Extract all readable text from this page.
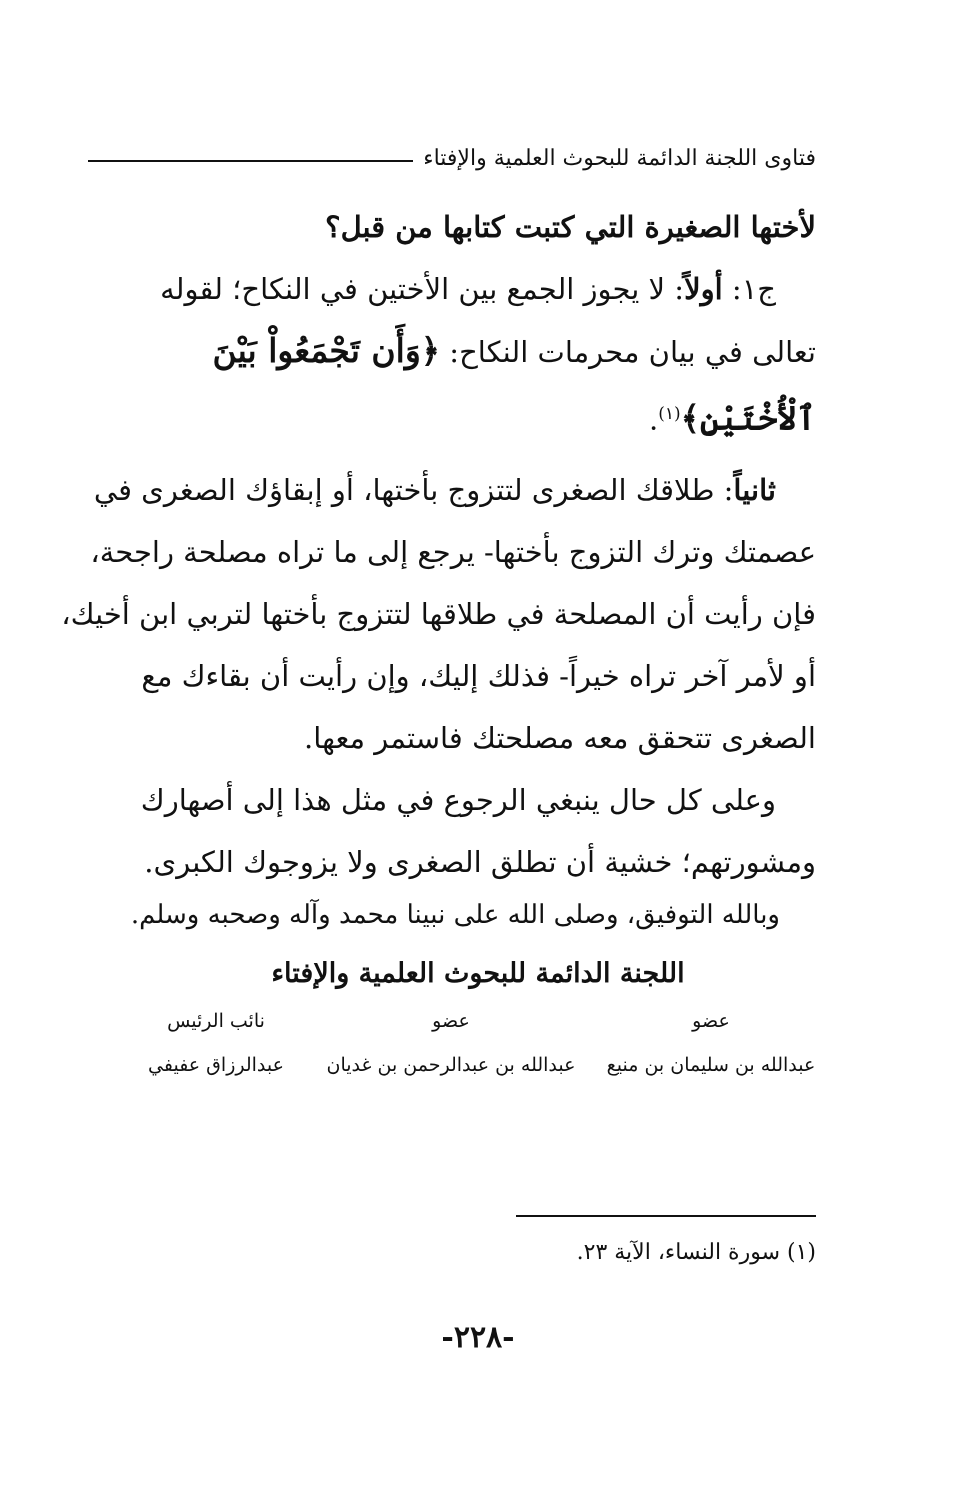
فتاوى اللجنة الدائمة للبحوث العلمية والإفتاء
لأختها الصغيرة التي كتبت كتابها من قبل؟
ج١: أولاً: لا يجوز الجمع بين الأختين في النكاح؛ لقوله
تعالى في بيان محرمات النكاح: ﴿وَأَن تَجْمَعُواْ بَيْنَ
ٱلْأُخْتَيْنِ﴾$^{(١)}$.
ثانياً: طلاقك الصغرى لتتزوج بأختها، أو إبقاؤك الصغرى في
عصمتك وترك التزوج بأختها- يرجع إلى ما تراه مصلحة راجحة،
فإن رأيت أن المصلحة في طلاقها لتتزوج بأختها لتربي ابن أخيك،
أو لأمر آخر تراه خيراً- فذلك إليك، وإن رأيت أن بقاءك مع
الصغرى تتحقق معه مصلحتك فاستمر معها.
وعلى كل حال ينبغي الرجوع في مثل هذا إلى أصهارك
ومشورتهم؛ خشية أن تطلق الصغرى ولا يزوجوك الكبرى.
وبالله التوفيق، وصلى الله على نبينا محمد وآله وصحبه وسلم.
اللجنة الدائمة للبحوث العلمية والإفتاء
عضو
عبدالله بن سليمان بن منيع
عضو
عبدالله بن عبدالرحمن بن غديان
نائب الرئيس
عبدالرزاق عفيفي
(١) سورة النساء، الآية ٢٣.
-٢٢٨-
